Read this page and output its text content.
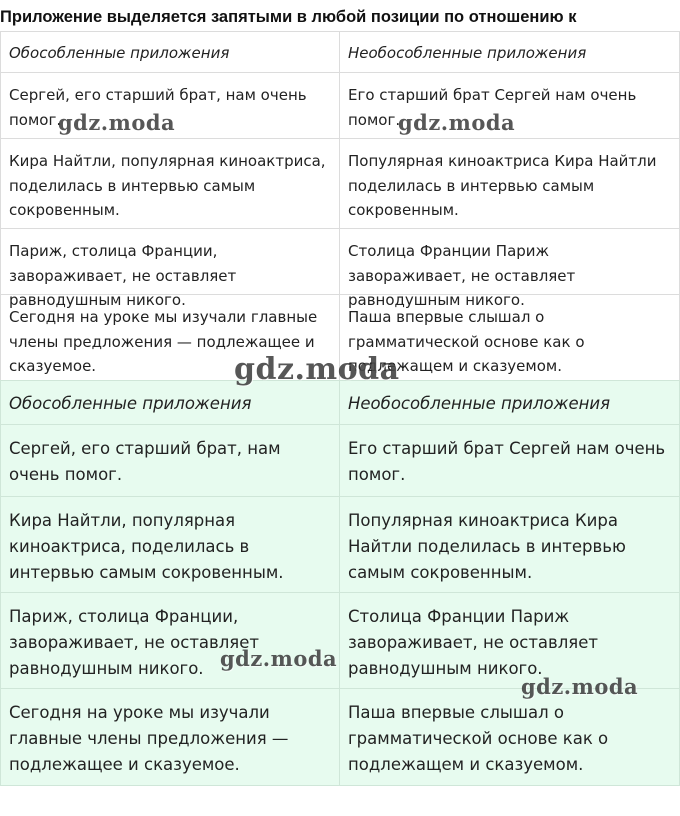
Приложение выделяется запятыми в любой позиции по отношению к
Обособленные приложения	Необособленные приложения

Сергей, его старший брат, нам очень помог.	Его старший брат Сергей нам очень помог.

Кира Найтли, популярная киноактриса, поделилась в интервью самым сокровенным.	Популярная киноактриса Кира Найтли поделилась в интервью самым сокровенным.

Париж, столица Франции, завораживает, не оставляет равнодушным никого.	Столица Франции Париж завораживает, не оставляет равнодушным никого.

Сегодня на уроке мы изучали главные члены предложения — подлежащее и сказуемое.	Паша впервые слышал о грамматической основе как о подлежащем и сказуемом.
Обособленные приложения	Необособленные приложения

Сергей, его старший брат, нам очень помог.	Его старший брат Сергей нам очень помог.

Кира Найтли, популярная киноактриса, поделилась в интервью самым сокровенным.	Популярная киноактриса Кира Найтли поделилась в интервью самым сокровенным.

Париж, столица Франции, завораживает, не оставляет равнодушным никого.	Столица Франции Париж завораживает, не оставляет равнодушным никого.

Сегодня на уроке мы изучали главные члены предложения — подлежащее и сказуемое.	Паша впервые слышал о грамматической основе как о подлежащем и сказуемом.
gdz.moda	gdz.moda
gdz.moda
gdz.moda
gdz.moda
